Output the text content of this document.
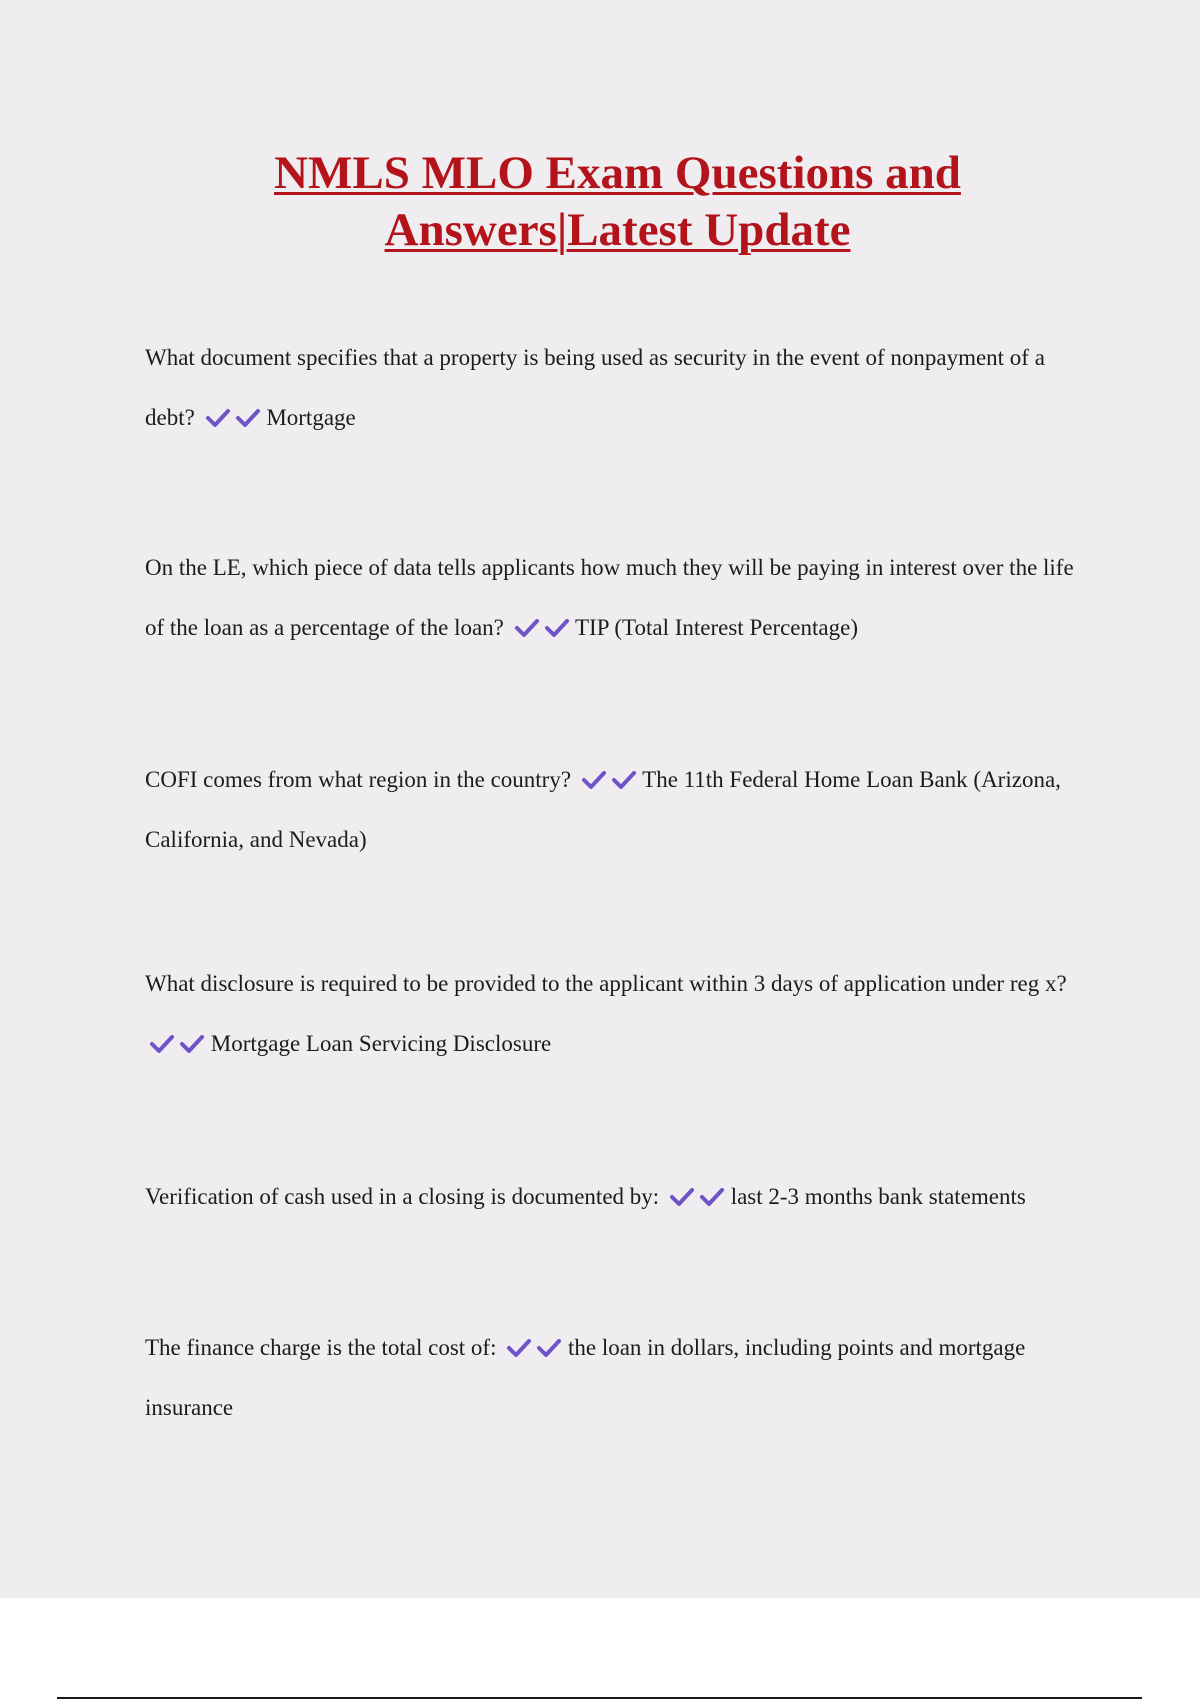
NMLS MLO Exam Questions and
Answers|Latest Update
What document specifies that a property is being used as security in the event of nonpayment of a debt?	Mortgage
On the LE, which piece of data tells applicants how much they will be paying in interest over the life of the loan as a percentage of the loan?	TIP (Total Interest Percentage)
COFI comes from what region in the country?	The 11th Federal Home Loan Bank (Arizona, California, and Nevada)
What disclosure is required to be provided to the applicant within 3 days of application under reg x?
Mortgage Loan Servicing Disclosure
Verification of cash used in a closing is documented by:	last 2-3 months bank statements
The finance charge is the total cost of:	the loan in dollars, including points and mortgage insurance
